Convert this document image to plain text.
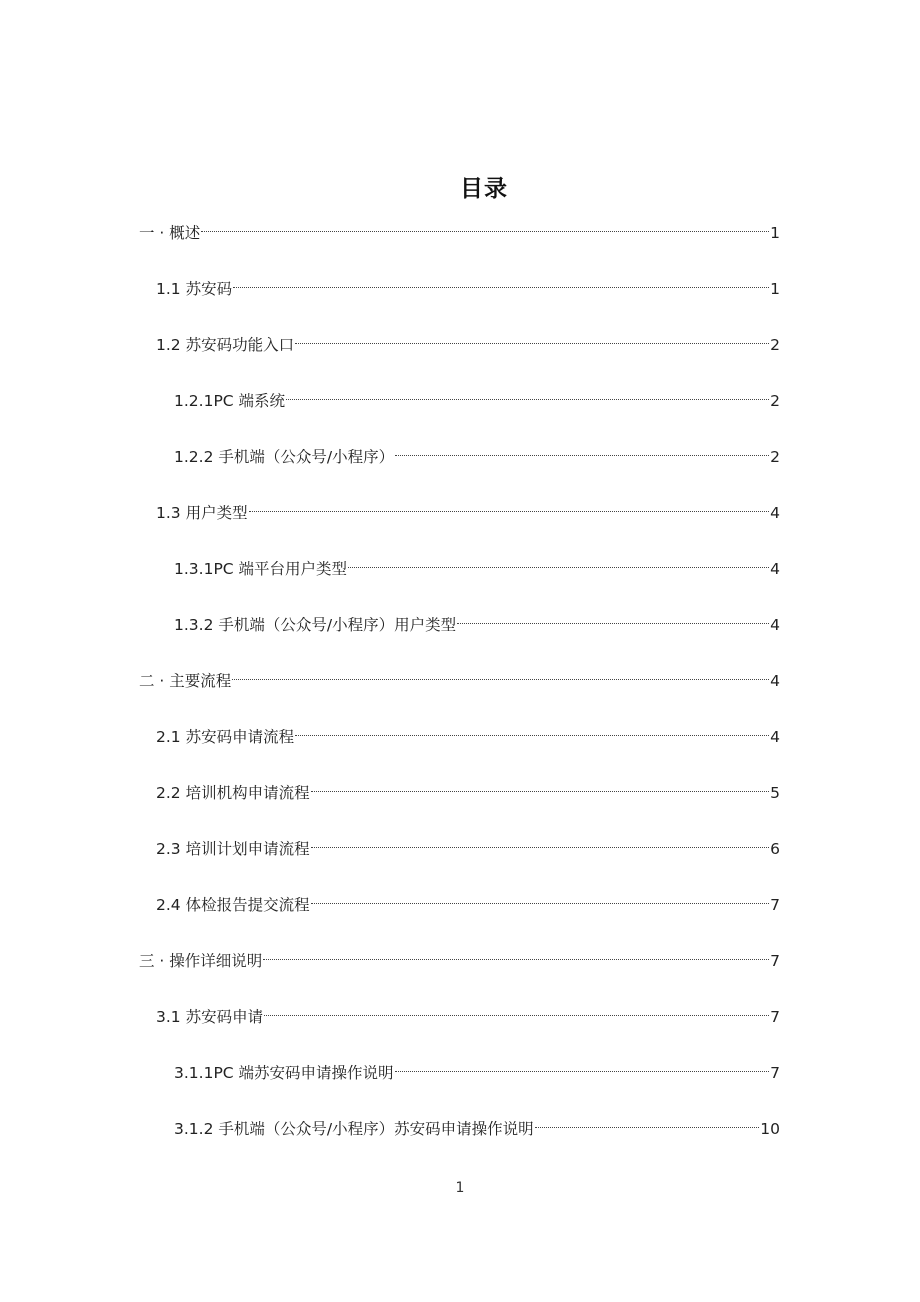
目录
一 · 概述	1
1.1 苏安码	1
1.2 苏安码功能入口	2
1.2.1PC 端系统	2
1.2.2 手机端（公众号/小程序）	2
1.3 用户类型	4
1.3.1PC 端平台用户类型	4
1.3.2 手机端（公众号/小程序）用户类型	4
二 · 主要流程	4
2.1 苏安码申请流程	4
2.2 培训机构申请流程	5
2.3 培训计划申请流程	6
2.4 体检报告提交流程	7
三 · 操作详细说明	7
3.1 苏安码申请	7
3.1.1PC 端苏安码申请操作说明	7
3.1.2 手机端（公众号/小程序）苏安码申请操作说明	10
1
